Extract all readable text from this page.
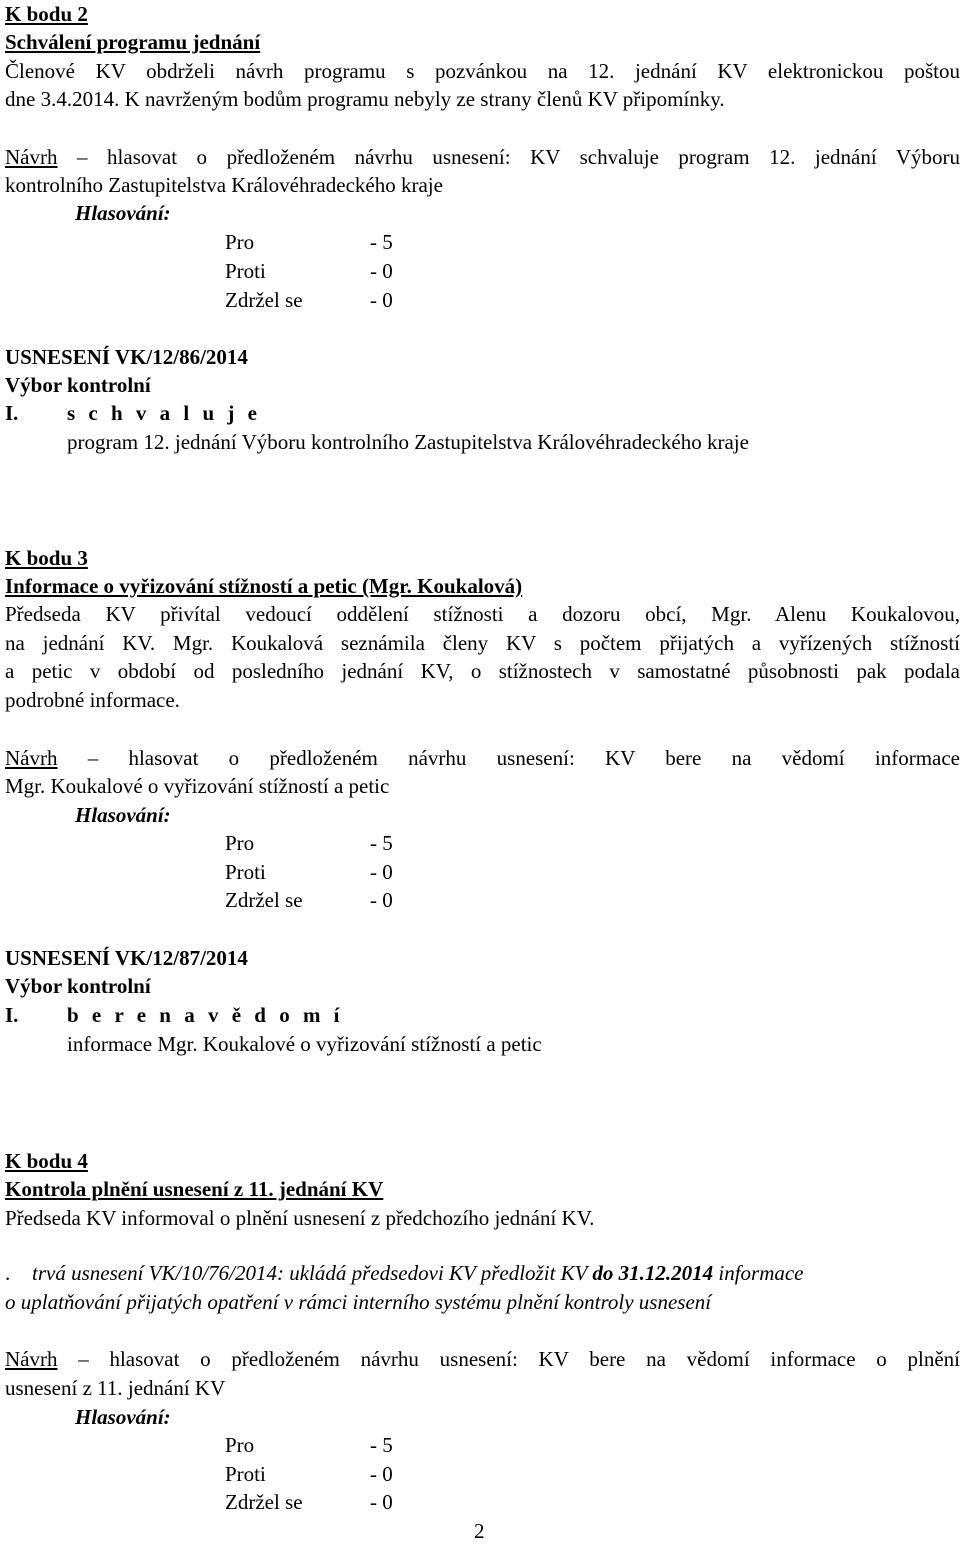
K bodu 2
Schválení programu jednání
Členové KV obdrželi návrh programu s pozvánkou na 12. jednání KV elektronickou poštou
dne 3.4.2014. K navrženým bodům programu nebyly ze strany členů KV připomínky.
Návrh – hlasovat o předloženém návrhu usnesení: KV schvaluje program 12. jednání Výboru
kontrolního Zastupitelstva Královéhradeckého kraje
Hlasování:
Pro	- 5
Proti	- 0
Zdržel se	- 0
USNESENÍ VK/12/86/2014
Výbor kontrolní
I. s c h v a l u j e
program 12. jednání Výboru kontrolního Zastupitelstva Královéhradeckého kraje
K bodu 3
Informace o vyřizování stížností a petic (Mgr. Koukalová)
Předseda KV přivítal vedoucí oddělení stížnosti a dozoru obcí, Mgr. Alenu Koukalovou,
na jednání KV. Mgr. Koukalová seznámila členy KV s počtem přijatých a vyřízených stížností
a petic v období od posledního jednání KV, o stížnostech v samostatné působnosti pak podala
podrobné informace.
Návrh – hlasovat o předloženém návrhu usnesení: KV bere na vědomí informace
Mgr. Koukalové o vyřizování stížností a petic
Hlasování:
Pro	- 5
Proti	- 0
Zdržel se	- 0
USNESENÍ VK/12/87/2014
Výbor kontrolní
I. b e r e n a v ě d o m í
informace Mgr. Koukalové o vyřizování stížností a petic
K bodu 4
Kontrola plnění usnesení z 11. jednání KV
Předseda KV informoval o plnění usnesení z předchozího jednání KV.
. trvá usnesení VK/10/76/2014: ukládá předsedovi KV předložit KV do 31.12.2014 informace
o uplatňování přijatých opatření v rámci interního systému plnění kontroly usnesení
Návrh – hlasovat o předloženém návrhu usnesení: KV bere na vědomí informace o plnění
usnesení z 11. jednání KV
Hlasování:
Pro	- 5
Proti	- 0
Zdržel se	- 0
2
